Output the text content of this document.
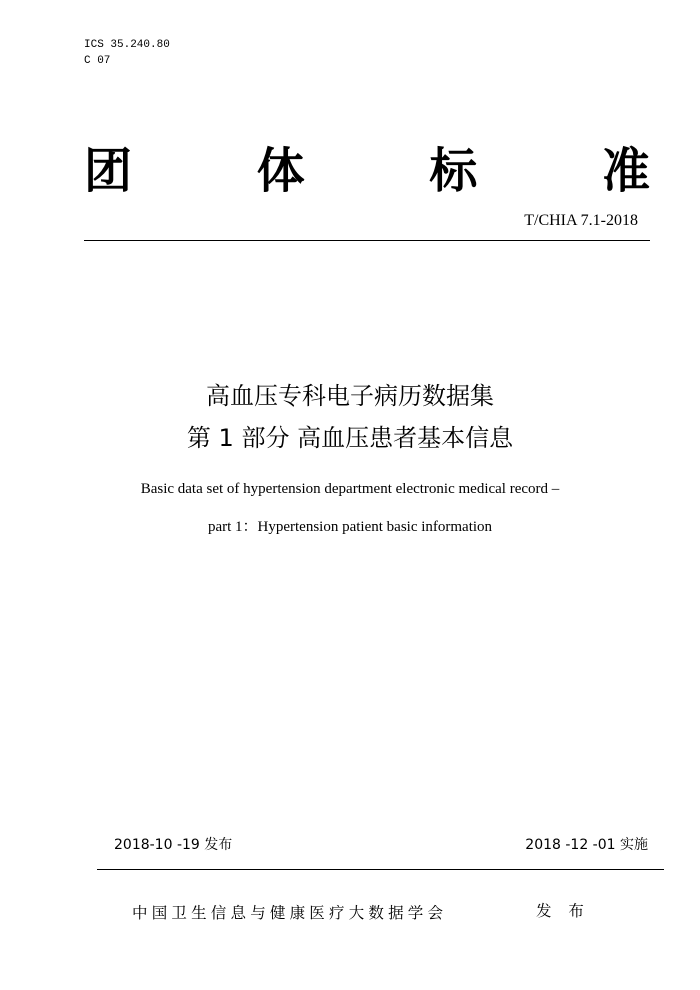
ICS 35.240.80
C 07
团	体	标	准
T/CHIA 7.1-2018
高血压专科电子病历数据集
第 1 部分 高血压患者基本信息
Basic data set of hypertension department electronic medical record –
part 1：Hypertension patient basic information
2018-10 -19 发布	2018 -12 -01 实施
中国卫生信息与健康医疗大数据学会	发 布
